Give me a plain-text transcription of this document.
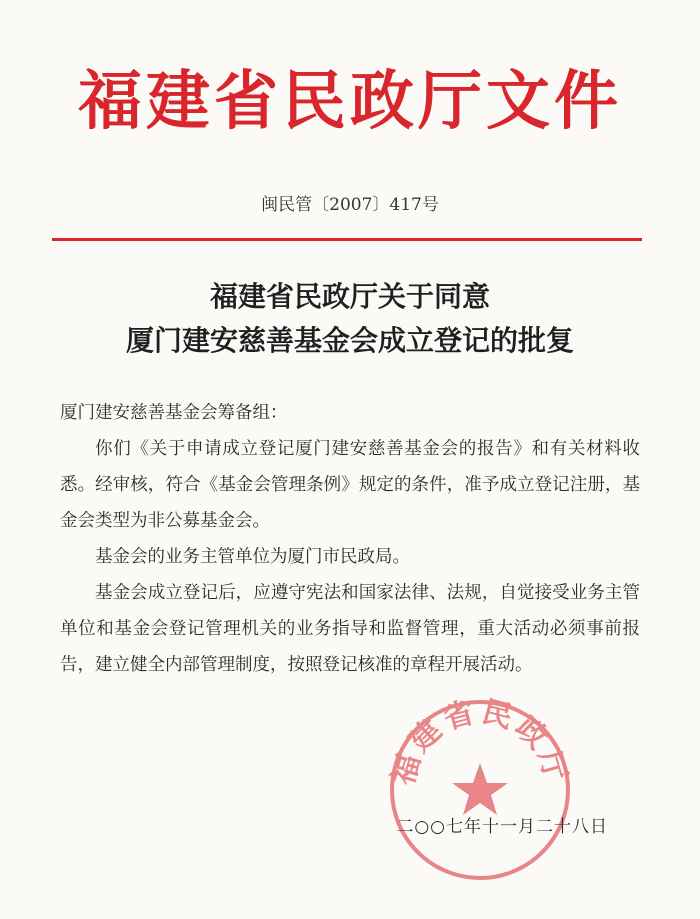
福建省民政厅文件
闽民管〔2007〕417号
福建省民政厅关于同意
厦门建安慈善基金会成立登记的批复
厦门建安慈善基金会筹备组：
你们《关于申请成立登记厦门建安慈善基金会的报告》和有关材料收悉。经审核，符合《基金会管理条例》规定的条件，准予成立登记注册，基金会类型为非公募基金会。
基金会的业务主管单位为厦门市民政局。
基金会成立登记后，应遵守宪法和国家法律、法规，自觉接受业务主管单位和基金会登记管理机关的业务指导和监督管理，重大活动必须事前报告，建立健全内部管理制度，按照登记核准的章程开展活动。
福建省民政厅
二○○七年十一月二十八日
